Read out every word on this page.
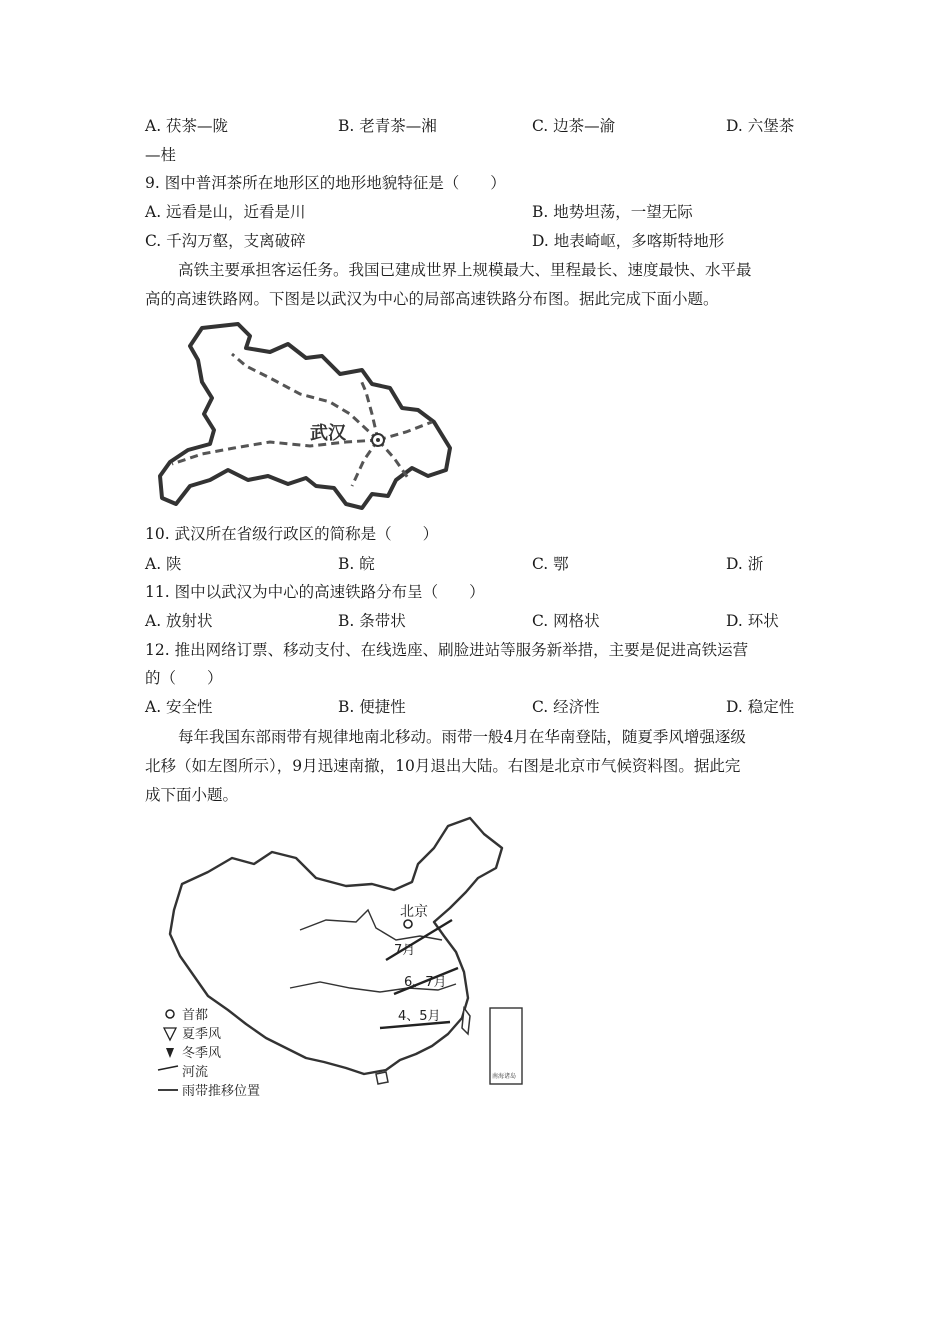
A. 茯茶—陇	B. 老青茶—湘	C. 边茶—渝	D. 六堡茶
—桂
9. 图中普洱茶所在地形区的地形地貌特征是（　　）
A. 远看是山，近看是川	B. 地势坦荡，一望无际
C. 千沟万壑，支离破碎	D. 地表崎岖，多喀斯特地形
高铁主要承担客运任务。我国已建成世界上规模最大、里程最长、速度最快、水平最
高的高速铁路网。下图是以武汉为中心的局部高速铁路分布图。据此完成下面小题。
武汉
10. 武汉所在省级行政区的简称是（　　）
A. 陕	B. 皖	C. 鄂	D. 浙
11. 图中以武汉为中心的高速铁路分布呈（　　）
A. 放射状	B. 条带状	C. 网格状	D. 环状
12. 推出网络订票、移动支付、在线选座、刷脸进站等服务新举措，主要是促进高铁运营
的（　　）
A. 安全性	B. 便捷性	C. 经济性	D. 稳定性
每年我国东部雨带有规律地南北移动。雨带一般4月在华南登陆，随夏季风增强逐级
北移（如左图所示），9月迅速南撤，10月退出大陆。右图是北京市气候资料图。据此完
成下面小题。
北京
7月
6、7月
4、5月
南海诸岛
首都
夏季风
冬季风
河流
雨带推移位置
